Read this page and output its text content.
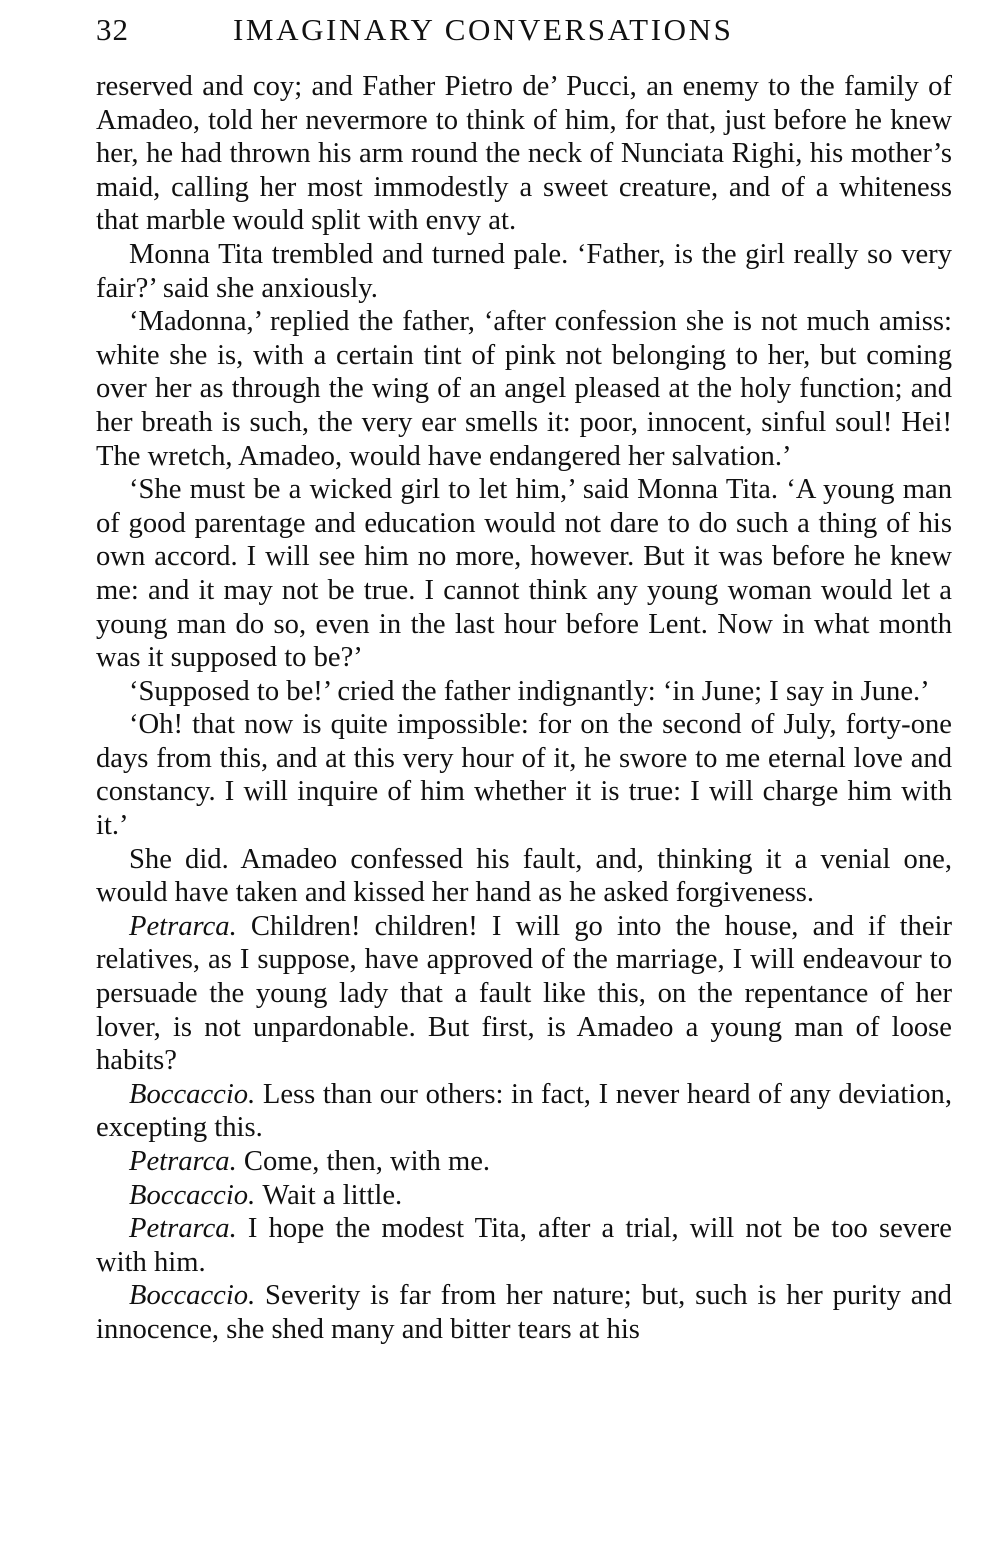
32	IMAGINARY CONVERSATIONS

reserved and coy; and Father Pietro de’ Pucci, an enemy to the family of Amadeo, told her nevermore to think of him, for that, just before he knew her, he had thrown his arm round the neck of Nunciata Righi, his mother’s maid, calling her most immodestly a sweet creature, and of a whiteness that marble would split with envy at.

Monna Tita trembled and turned pale. ‘Father, is the girl really so very fair?’ said she anxiously.

‘Madonna,’ replied the father, ‘after confession she is not much amiss: white she is, with a certain tint of pink not belonging to her, but coming over her as through the wing of an angel pleased at the holy function; and her breath is such, the very ear smells it: poor, innocent, sinful soul! Hei! The wretch, Amadeo, would have endangered her salvation.’

‘She must be a wicked girl to let him,’ said Monna Tita. ‘A young man of good parentage and education would not dare to do such a thing of his own accord. I will see him no more, however. But it was before he knew me: and it may not be true. I cannot think any young woman would let a young man do so, even in the last hour before Lent. Now in what month was it supposed to be?’

‘Supposed to be!’ cried the father indignantly: ‘in June; I say in June.’

‘Oh! that now is quite impossible: for on the second of July, forty-one days from this, and at this very hour of it, he swore to me eternal love and constancy. I will inquire of him whether it is true: I will charge him with it.’

She did. Amadeo confessed his fault, and, thinking it a venial one, would have taken and kissed her hand as he asked forgiveness.

Petrarca. Children! children! I will go into the house, and if their relatives, as I suppose, have approved of the marriage, I will endeavour to persuade the young lady that a fault like this, on the repentance of her lover, is not unpardonable. But first, is Amadeo a young man of loose habits?

Boccaccio. Less than our others: in fact, I never heard of any deviation, excepting this.

Petrarca. Come, then, with me.

Boccaccio. Wait a little.

Petrarca. I hope the modest Tita, after a trial, will not be too severe with him.

Boccaccio. Severity is far from her nature; but, such is her purity and innocence, she shed many and bitter tears at his
